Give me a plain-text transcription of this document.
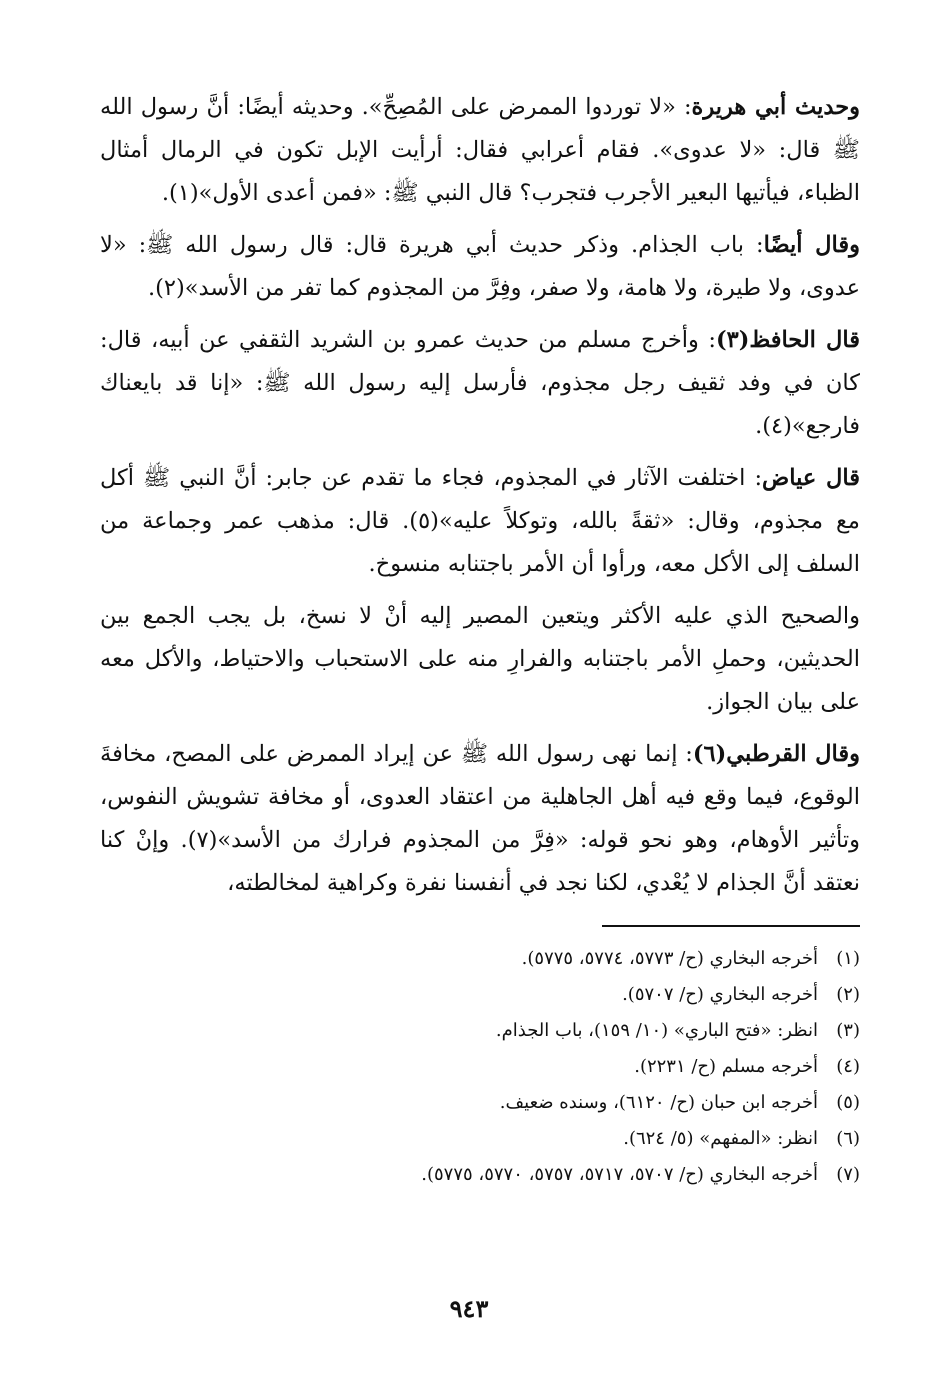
وحديث أبي هريرة: «لا توردوا الممرض على المُصِحِّ». وحديثه أيضًا: أنَّ رسول الله ﷺ قال: «لا عدوى». فقام أعرابي فقال: أرأيت الإبل تكون في الرمال أمثال الظباء، فيأتيها البعير الأجرب فتجرب؟ قال النبي ﷺ: «فمن أعدى الأول»(١).

وقال أيضًا: باب الجذام. وذكر حديث أبي هريرة قال: قال رسول الله ﷺ: «لا عدوى، ولا طيرة، ولا هامة، ولا صفر، وفِرَّ من المجذوم كما تفر من الأسد»(٢).

قال الحافظ(٣): وأخرج مسلم من حديث عمرو بن الشريد الثقفي عن أبيه، قال: كان في وفد ثقيف رجل مجذوم، فأرسل إليه رسول الله ﷺ: «إنا قد بايعناك فارجع»(٤).

قال عياض: اختلفت الآثار في المجذوم، فجاء ما تقدم عن جابر: أنَّ النبي ﷺ أكل مع مجذوم، وقال: «ثقةً بالله، وتوكلاً عليه»(٥). قال: مذهب عمر وجماعة من السلف إلى الأكل معه، ورأوا أن الأمر باجتنابه منسوخ.

والصحيح الذي عليه الأكثر ويتعين المصير إليه أنْ لا نسخ، بل يجب الجمع بين الحديثين، وحملِ الأمر باجتنابه والفرارِ منه على الاستحباب والاحتياط، والأكل معه على بيان الجواز.

وقال القرطبي(٦): إنما نهى رسول الله ﷺ عن إيراد الممرض على المصح، مخافةَ الوقوع، فيما وقع فيه أهل الجاهلية من اعتقاد العدوى، أو مخافة تشويش النفوس، وتأثير الأوهام، وهو نحو قوله: «فِرَّ من المجذوم فرارك من الأسد»(٧). وإنْ كنا نعتقد أنَّ الجذام لا يُعْدي، لكنا نجد في أنفسنا نفرة وكراهية لمخالطته،

(١)
أخرجه البخاري (ح/ ٥٧٧٣، ٥٧٧٤، ٥٧٧٥).

(٢)
أخرجه البخاري (ح/ ٥٧٠٧).

(٣)
انظر: «فتح الباري» (١٠/ ١٥٩)، باب الجذام.

(٤)
أخرجه مسلم (ح/ ٢٢٣١).

(٥)
أخرجه ابن حبان (ح/ ٦١٢٠)، وسنده ضعيف.

(٦)
انظر: «المفهم» (٥/ ٦٢٤).

(٧)
أخرجه البخاري (ح/ ٥٧٠٧، ٥٧١٧، ٥٧٥٧، ٥٧٧٠، ٥٧٧٥).

٩٤٣
